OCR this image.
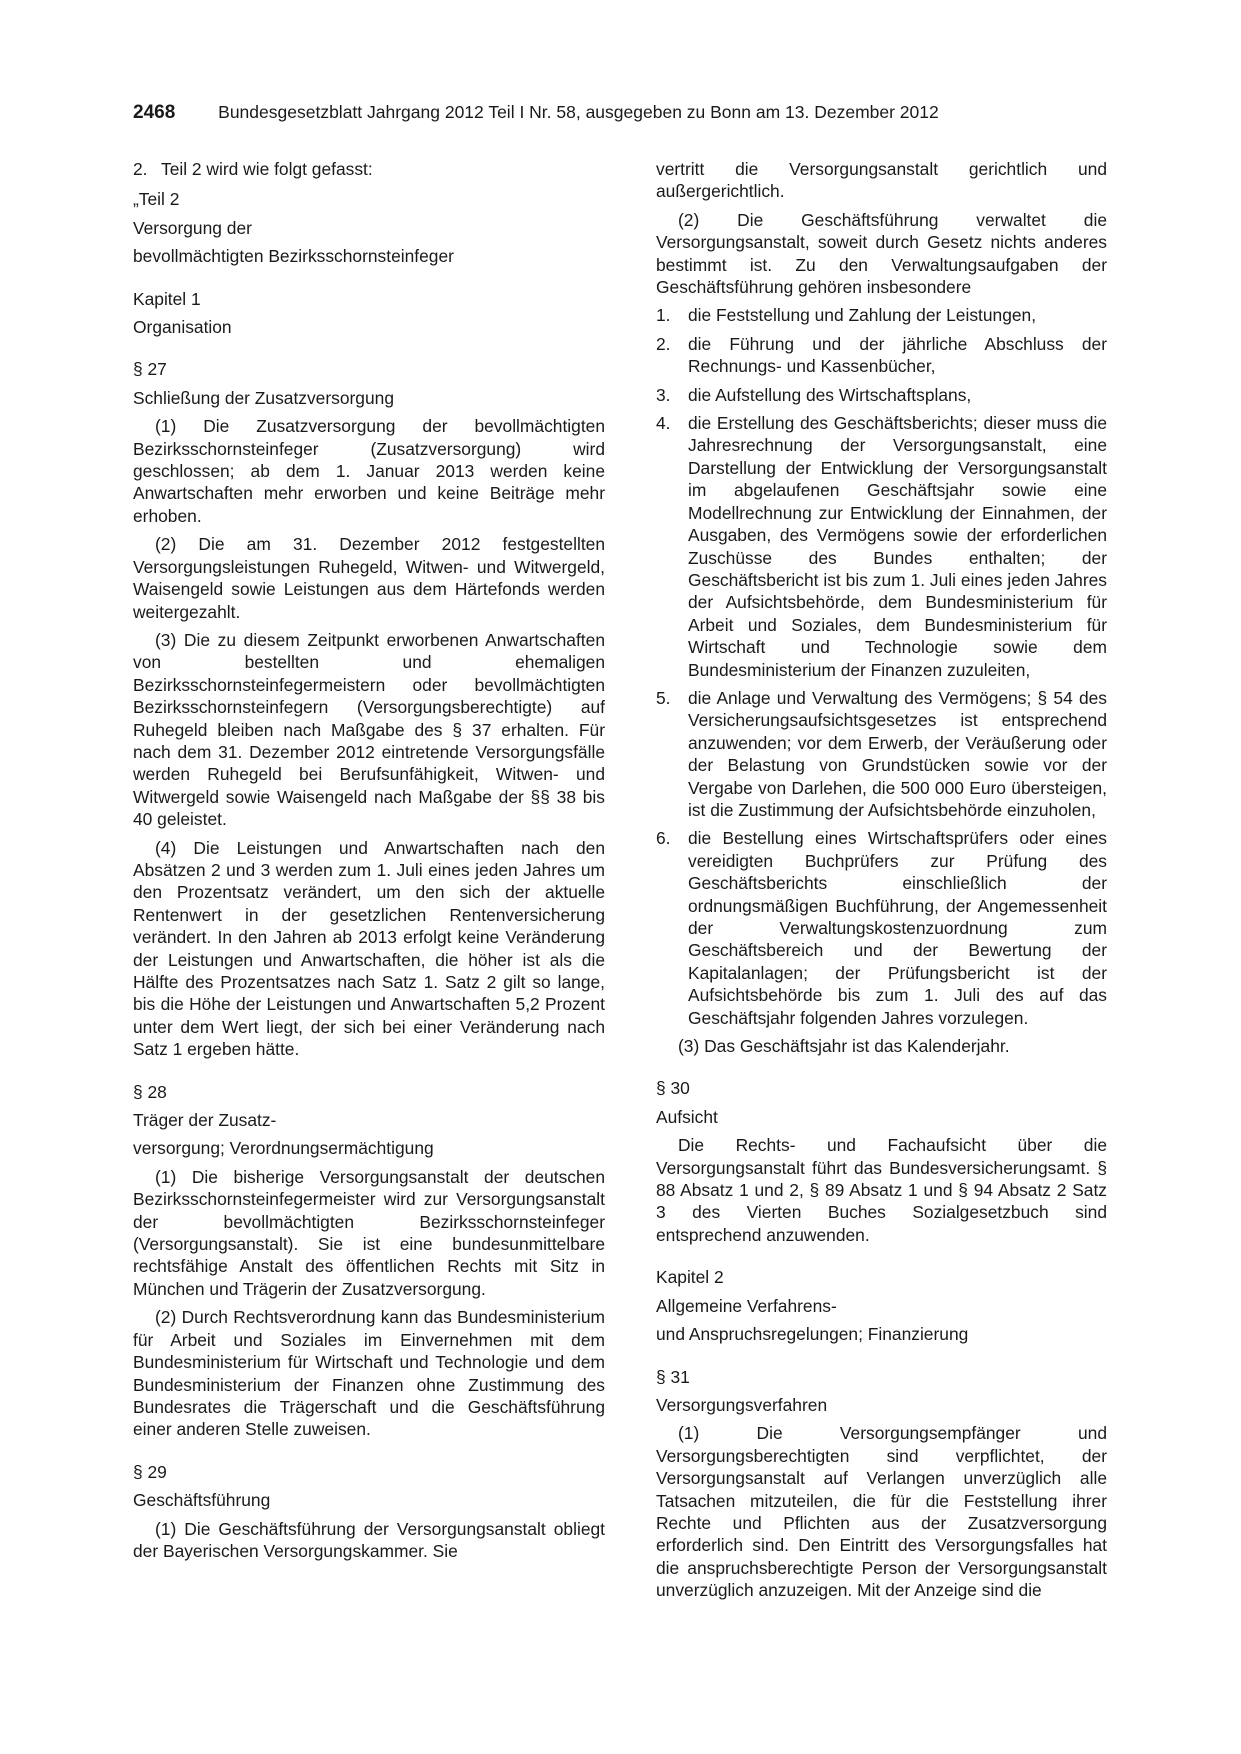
2468 Bundesgesetzblatt Jahrgang 2012 Teil I Nr. 58, ausgegeben zu Bonn am 13. Dezember 2012
2. Teil 2 wird wie folgt gefasst:

„Teil 2

Versorgung der

bevollmächtigten Bezirksschornsteinfeger

Kapitel 1

Organisation

§ 27

Schließung der Zusatzversorgung

(1) Die Zusatzversorgung der bevollmächtigten Bezirksschornsteinfeger (Zusatzversorgung) wird geschlossen; ab dem 1. Januar 2013 werden keine Anwartschaften mehr erworben und keine Beiträge mehr erhoben.

(2) Die am 31. Dezember 2012 festgestellten Versorgungsleistungen Ruhegeld, Witwen- und Witwergeld, Waisengeld sowie Leistungen aus dem Härtefonds werden weitergezahlt.

(3) Die zu diesem Zeitpunkt erworbenen Anwartschaften von bestellten und ehemaligen Bezirksschornsteinfegermeistern oder bevollmächtigten Bezirksschornsteinfegern (Versorgungsberechtigte) auf Ruhegeld bleiben nach Maßgabe des § 37 erhalten. Für nach dem 31. Dezember 2012 eintretende Versorgungsfälle werden Ruhegeld bei Berufsunfähigkeit, Witwen- und Witwergeld sowie Waisengeld nach Maßgabe der §§ 38 bis 40 geleistet.

(4) Die Leistungen und Anwartschaften nach den Absätzen 2 und 3 werden zum 1. Juli eines jeden Jahres um den Prozentsatz verändert, um den sich der aktuelle Rentenwert in der gesetzlichen Rentenversicherung verändert. In den Jahren ab 2013 erfolgt keine Veränderung der Leistungen und Anwartschaften, die höher ist als die Hälfte des Prozentsatzes nach Satz 1. Satz 2 gilt so lange, bis die Höhe der Leistungen und Anwartschaften 5,2 Prozent unter dem Wert liegt, der sich bei einer Veränderung nach Satz 1 ergeben hätte.

§ 28

Träger der Zusatz-

versorgung; Verordnungsermächtigung

(1) Die bisherige Versorgungsanstalt der deutschen Bezirksschornsteinfegermeister wird zur Versorgungsanstalt der bevollmächtigten Bezirksschornsteinfeger (Versorgungsanstalt). Sie ist eine bundesunmittelbare rechtsfähige Anstalt des öffentlichen Rechts mit Sitz in München und Trägerin der Zusatzversorgung.

(2) Durch Rechtsverordnung kann das Bundesministerium für Arbeit und Soziales im Einvernehmen mit dem Bundesministerium für Wirtschaft und Technologie und dem Bundesministerium der Finanzen ohne Zustimmung des Bundesrates die Trägerschaft und die Geschäftsführung einer anderen Stelle zuweisen.

§ 29

Geschäftsführung

(1) Die Geschäftsführung der Versorgungsanstalt obliegt der Bayerischen Versorgungskammer. Sie

vertritt die Versorgungsanstalt gerichtlich und außergerichtlich.

(2) Die Geschäftsführung verwaltet die Versorgungsanstalt, soweit durch Gesetz nichts anderes bestimmt ist. Zu den Verwaltungsaufgaben der Geschäftsführung gehören insbesondere

1.	die Feststellung und Zahlung der Leistungen,
2.	die Führung und der jährliche Abschluss der Rechnungs- und Kassenbücher,
3.	die Aufstellung des Wirtschaftsplans,
4.	die Erstellung des Geschäftsberichts; dieser muss die Jahresrechnung der Versorgungsanstalt, eine Darstellung der Entwicklung der Versorgungsanstalt im abgelaufenen Geschäftsjahr sowie eine Modellrechnung zur Entwicklung der Einnahmen, der Ausgaben, des Vermögens sowie der erforderlichen Zuschüsse des Bundes enthalten; der Geschäftsbericht ist bis zum 1. Juli eines jeden Jahres der Aufsichtsbehörde, dem Bundesministerium für Arbeit und Soziales, dem Bundesministerium für Wirtschaft und Technologie sowie dem Bundesministerium der Finanzen zuzuleiten,
5.	die Anlage und Verwaltung des Vermögens; § 54 des Versicherungsaufsichtsgesetzes ist entsprechend anzuwenden; vor dem Erwerb, der Veräußerung oder der Belastung von Grundstücken sowie vor der Vergabe von Darlehen, die 500 000 Euro übersteigen, ist die Zustimmung der Aufsichtsbehörde einzuholen,
6.	die Bestellung eines Wirtschaftsprüfers oder eines vereidigten Buchprüfers zur Prüfung des Geschäftsberichts einschließlich der ordnungsmäßigen Buchführung, der Angemessenheit der Verwaltungskostenzuordnung zum Geschäftsbereich und der Bewertung der Kapitalanlagen; der Prüfungsbericht ist der Aufsichtsbehörde bis zum 1. Juli des auf das Geschäftsjahr folgenden Jahres vorzulegen.

(3) Das Geschäftsjahr ist das Kalenderjahr.

§ 30

Aufsicht

Die Rechts- und Fachaufsicht über die Versorgungsanstalt führt das Bundesversicherungsamt. § 88 Absatz 1 und 2, § 89 Absatz 1 und § 94 Absatz 2 Satz 3 des Vierten Buches Sozialgesetzbuch sind entsprechend anzuwenden.

Kapitel 2

Allgemeine Verfahrens-

und Anspruchsregelungen; Finanzierung

§ 31

Versorgungsverfahren

(1) Die Versorgungsempfänger und Versorgungsberechtigten sind verpflichtet, der Versorgungsanstalt auf Verlangen unverzüglich alle Tatsachen mitzuteilen, die für die Feststellung ihrer Rechte und Pflichten aus der Zusatzversorgung erforderlich sind. Den Eintritt des Versorgungsfalles hat die anspruchsberechtigte Person der Versorgungsanstalt unverzüglich anzuzeigen. Mit der Anzeige sind die
